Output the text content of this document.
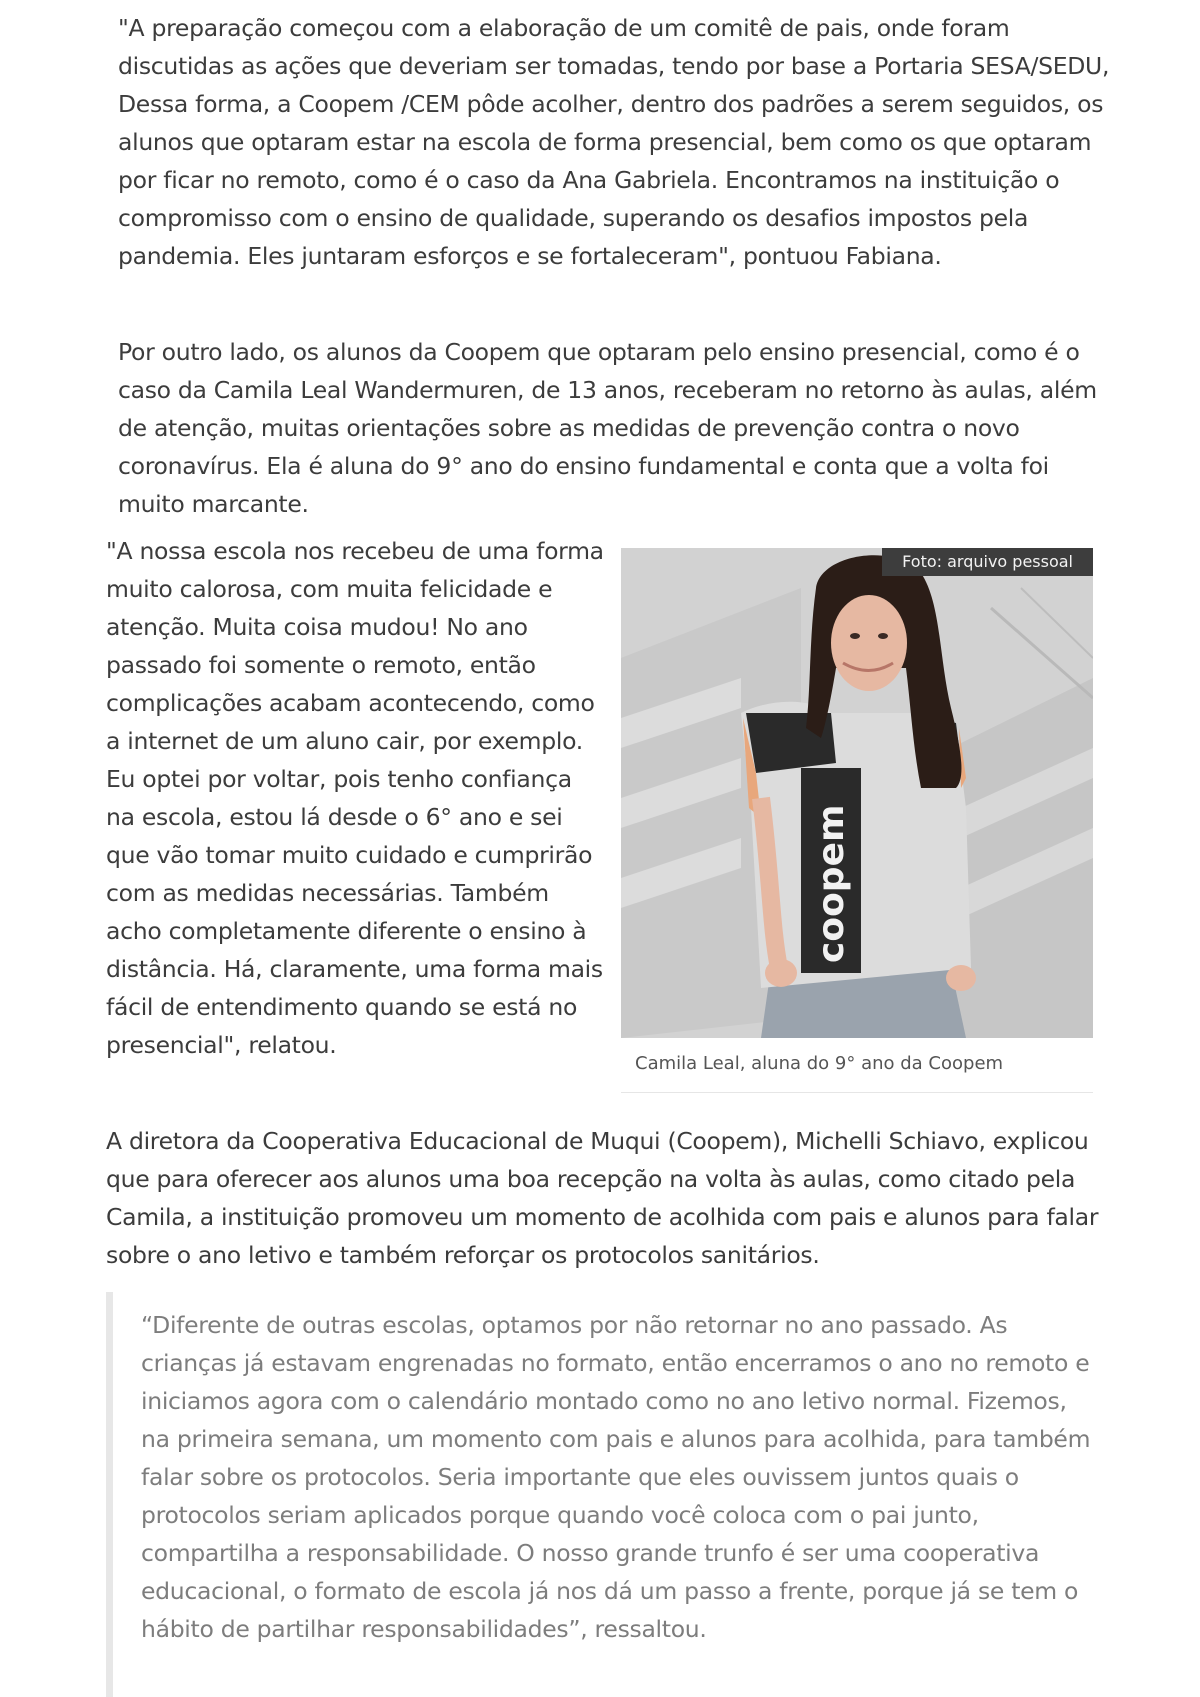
"A preparação começou com a elaboração de um comitê de pais, onde foram discutidas as ações que deveriam ser tomadas, tendo por base a Portaria SESA/SEDU, Dessa forma, a Coopem /CEM pôde acolher, dentro dos padrões a serem seguidos, os alunos que optaram estar na escola de forma presencial, bem como os que optaram por ficar no remoto, como é o caso da Ana Gabriela. Encontramos na instituição o compromisso com o ensino de qualidade, superando os desafios impostos pela pandemia. Eles juntaram esforços e se fortaleceram", pontuou Fabiana.

Por outro lado, os alunos da Coopem que optaram pelo ensino presencial, como é o caso da Camila Leal Wandermuren, de 13 anos, receberam no retorno às aulas, além de atenção, muitas orientações sobre as medidas de prevenção contra o novo coronavírus. Ela é aluna do 9° ano do ensino fundamental e conta que a volta foi muito marcante.

"A nossa escola nos recebeu de uma forma muito calorosa, com muita felicidade e atenção. Muita coisa mudou! No ano passado foi somente o remoto, então complicações acabam acontecendo, como a internet de um aluno cair, por exemplo. Eu optei por voltar, pois tenho confiança na escola, estou lá desde o 6° ano e sei que vão tomar muito cuidado e cumprirão com as medidas necessárias. Também acho completamente diferente o ensino à distância. Há, claramente, uma forma mais fácil de entendimento quando se está no presencial", relatou.

coopem
Foto: arquivo pessoal
Camila Leal, aluna do 9° ano da Coopem

A diretora da Cooperativa Educacional de Muqui (Coopem), Michelli Schiavo, explicou que para oferecer aos alunos uma boa recepção na volta às aulas, como citado pela Camila, a instituição promoveu um momento de acolhida com pais e alunos para falar sobre o ano letivo e também reforçar os protocolos sanitários.

“Diferente de outras escolas, optamos por não retornar no ano passado. As crianças já estavam engrenadas no formato, então encerramos o ano no remoto e iniciamos agora com o calendário montado como no ano letivo normal. Fizemos, na primeira semana, um momento com pais e alunos para acolhida, para também falar sobre os protocolos. Seria importante que eles ouvissem juntos quais o protocolos seriam aplicados porque quando você coloca com o pai junto, compartilha a responsabilidade. O nosso grande trunfo é ser uma cooperativa educacional, o formato de escola já nos dá um passo a frente, porque já se tem o hábito de partilhar responsabilidades”, ressaltou.
